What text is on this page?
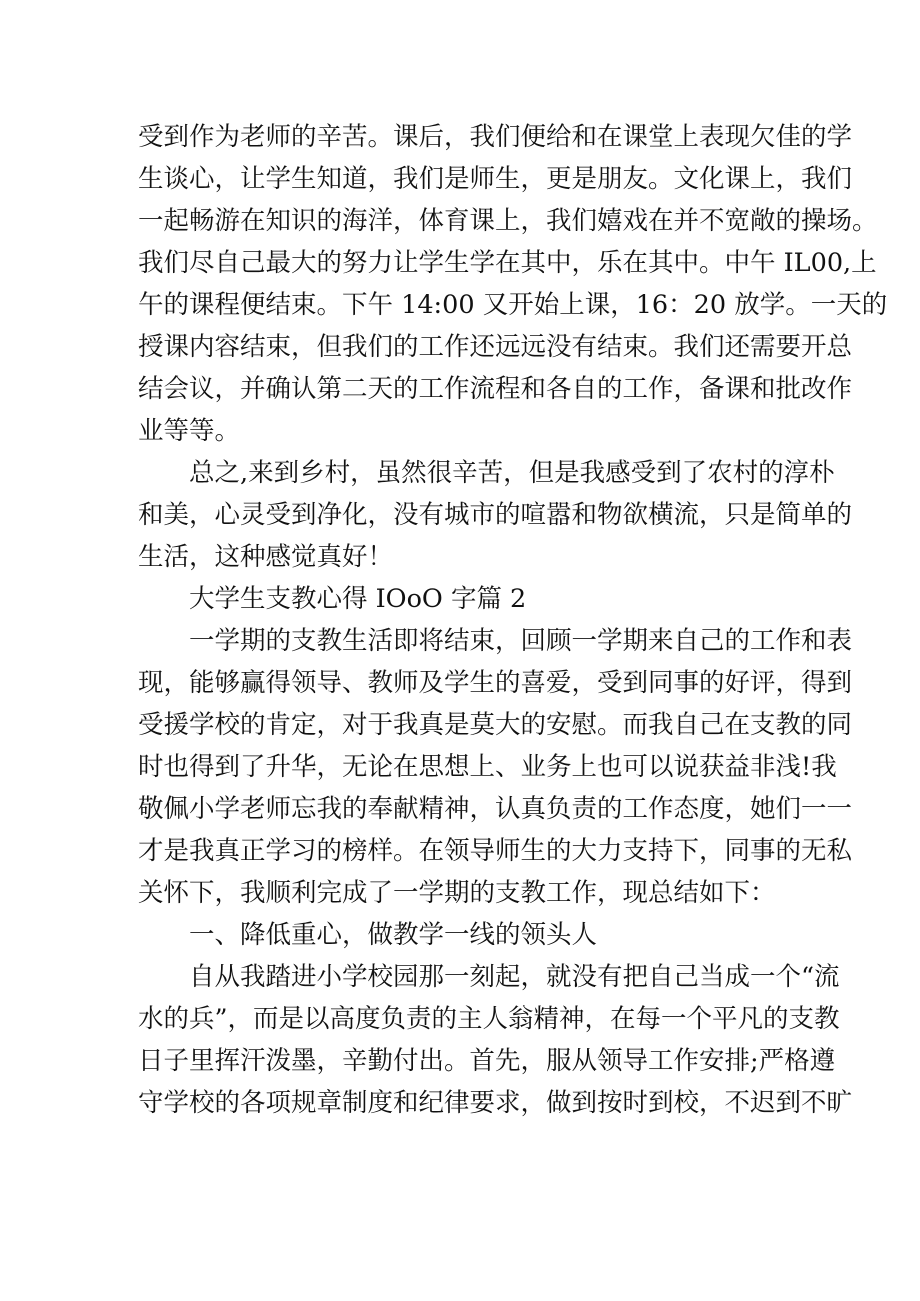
受到作为老师的辛苦。课后，我们便给和在课堂上表现欠佳的学
生谈心，让学生知道，我们是师生，更是朋友。文化课上，我们
一起畅游在知识的海洋，体育课上，我们嬉戏在并不宽敞的操场。
我们尽自己最大的努力让学生学在其中，乐在其中。中午 IL00,上
午的课程便结束。下午 14:00 又开始上课，16：20 放学。一天的
授课内容结束，但我们的工作还远远没有结束。我们还需要开总
结会议，并确认第二天的工作流程和各自的工作，备课和批改作
业等等。
总之,来到乡村，虽然很辛苦，但是我感受到了农村的淳朴
和美，心灵受到净化，没有城市的喧嚣和物欲横流，只是简单的
生活，这种感觉真好！
大学生支教心得 IOoO 字篇 2
一学期的支教生活即将结束，回顾一学期来自己的工作和表
现，能够赢得领导、教师及学生的喜爱，受到同事的好评，得到
受援学校的肯定，对于我真是莫大的安慰。而我自己在支教的同
时也得到了升华，无论在思想上、业务上也可以说获益非浅!我
敬佩小学老师忘我的奉献精神，认真负责的工作态度，她们一一
才是我真正学习的榜样。在领导师生的大力支持下，同事的无私
关怀下，我顺利完成了一学期的支教工作，现总结如下：
一、降低重心，做教学一线的领头人
自从我踏进小学校园那一刻起，就没有把自己当成一个“流
水的兵”，而是以高度负责的主人翁精神，在每一个平凡的支教
日子里挥汗泼墨，辛勤付出。首先，服从领导工作安排;严格遵
守学校的各项规章制度和纪律要求，做到按时到校，不迟到不旷
